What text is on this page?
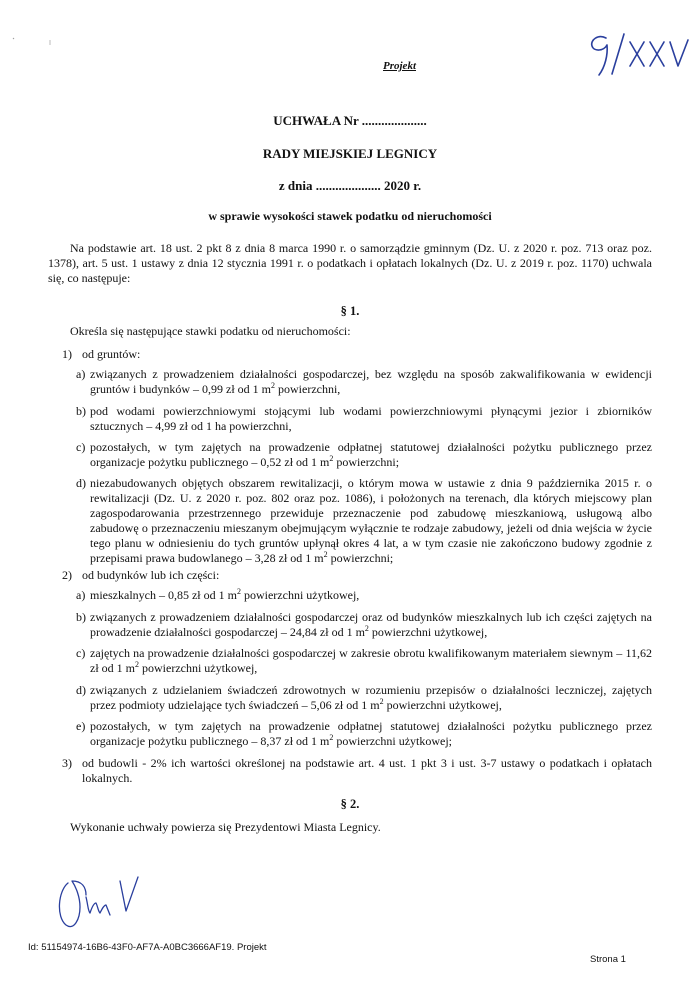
Projekt
UCHWAŁA Nr ....................
RADY MIEJSKIEJ LEGNICY
z dnia .................... 2020 r.
w sprawie wysokości stawek podatku od nieruchomości
Na podstawie art. 18 ust. 2 pkt 8 z dnia 8 marca 1990 r. o samorządzie gminnym (Dz. U. z 2020 r. poz. 713 oraz poz. 1378), art. 5 ust. 1 ustawy z dnia 12 stycznia 1991 r. o podatkach i opłatach lokalnych (Dz. U. z 2019 r. poz. 1170) uchwala się, co następuje:
§ 1.
Określa się następujące stawki podatku od nieruchomości:
1) od gruntów:
a) związanych z prowadzeniem działalności gospodarczej, bez względu na sposób zakwalifikowania w ewidencji gruntów i budynków – 0,99 zł od 1 $m^2$ powierzchni,
b) pod wodami powierzchniowymi stojącymi lub wodami powierzchniowymi płynącymi jezior i zbiorników sztucznych – 4,99 zł od 1 ha powierzchni,
c) pozostałych, w tym zajętych na prowadzenie odpłatnej statutowej działalności pożytku publicznego przez organizacje pożytku publicznego – 0,52 zł od 1 $m^2$ powierzchni;
d) niezabudowanych objętych obszarem rewitalizacji, o którym mowa w ustawie z dnia 9 października 2015 r. o rewitalizacji (Dz. U. z 2020 r. poz. 802 oraz poz. 1086), i położonych na terenach, dla których miejscowy plan zagospodarowania przestrzennego przewiduje przeznaczenie pod zabudowę mieszkaniową, usługową albo zabudowę o przeznaczeniu mieszanym obejmującym wyłącznie te rodzaje zabudowy, jeżeli od dnia wejścia w życie tego planu w odniesieniu do tych gruntów upłynął okres 4 lat, a w tym czasie nie zakończono budowy zgodnie z przepisami prawa budowlanego – 3,28 zł od 1 $m^2$ powierzchni;
2) od budynków lub ich części:
a) mieszkalnych – 0,85 zł od 1 $m^2$ powierzchni użytkowej,
b) związanych z prowadzeniem działalności gospodarczej oraz od budynków mieszkalnych lub ich części zajętych na prowadzenie działalności gospodarczej – 24,84 zł od 1 $m^2$ powierzchni użytkowej,
c) zajętych na prowadzenie działalności gospodarczej w zakresie obrotu kwalifikowanym materiałem siewnym – 11,62 zł od 1 $m^2$ powierzchni użytkowej,
d) związanych z udzielaniem świadczeń zdrowotnych w rozumieniu przepisów o działalności leczniczej, zajętych przez podmioty udzielające tych świadczeń – 5,06 zł od 1 $m^2$ powierzchni użytkowej,
e) pozostałych, w tym zajętych na prowadzenie odpłatnej statutowej działalności pożytku publicznego przez organizacje pożytku publicznego – 8,37 zł od 1 $m^2$ powierzchni użytkowej;
3) od budowli - 2% ich wartości określonej na podstawie art. 4 ust. 1 pkt 3 i ust. 3-7 ustawy o podatkach i opłatach lokalnych.
§ 2.
Wykonanie uchwały powierza się Prezydentowi Miasta Legnicy.
Id: 51154974-16B6-43F0-AF7A-A0BC3666AF19. Projekt
Strona 1
